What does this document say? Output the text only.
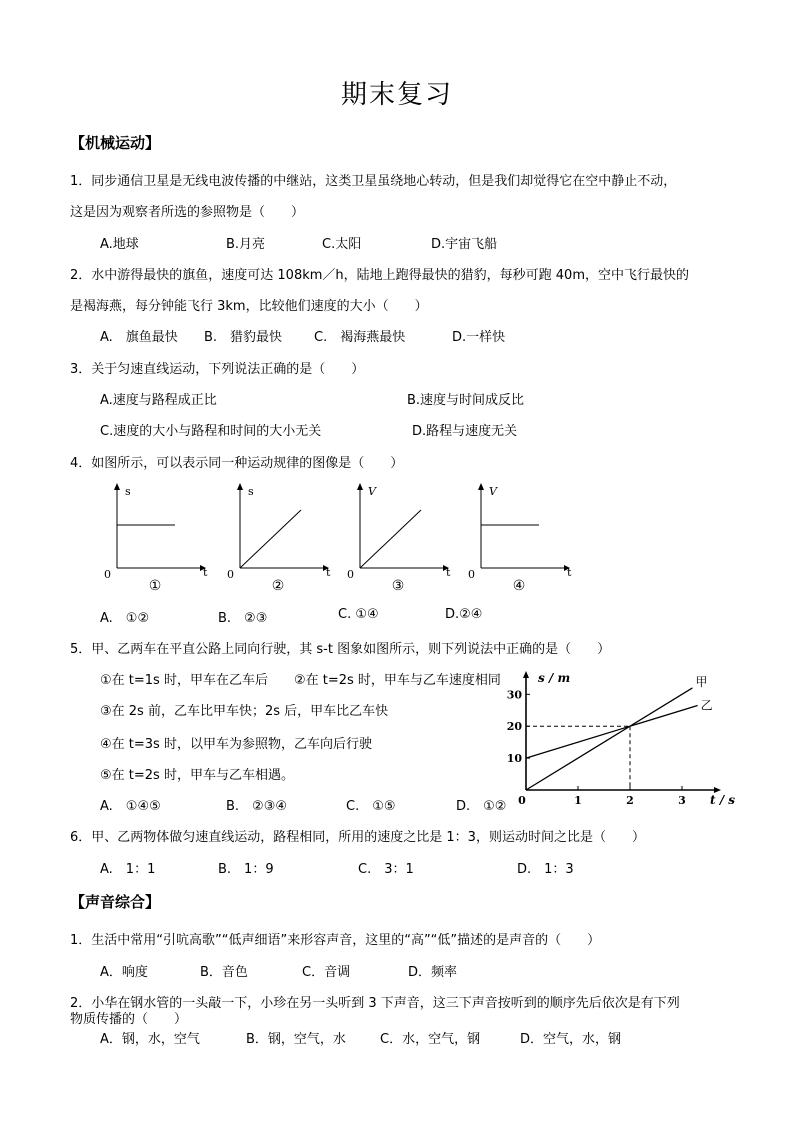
期末复习
【机械运动】
1．同步通信卫星是无线电波传播的中继站，这类卫星虽绕地心转动，但是我们却觉得它在空中静止不动，
这是因为观察者所选的参照物是（　　）
A.地球	B.月亮	C.太阳	D.宇宙飞船
2．水中游得最快的旗鱼，速度可达 108km／h，陆地上跑得最快的猎豹，每秒可跑 40m，空中飞行最快的
是褐海燕，每分钟能飞行 3km，比较他们速度的大小（　　）
A.　旗鱼最快 B.　猎豹最快 C.　褐海燕最快	D.一样快
3．关于匀速直线运动，下列说法正确的是（　　）
A.速度与路程成正比	B.速度与时间成反比
C.速度的大小与路程和时间的大小无关	D.路程与速度无关
4．如图所示，可以表示同一种运动规律的图像是（　　）
s
t
0
①
s
t
0
②
V
t
0
③
V
t
0
④
A.　①②	B.　②③	C. ①④	D.②④
5．甲、乙两车在平直公路上同向行驶，其 s-t 图象如图所示，则下列说法中正确的是（　　）
①在 t=1s 时，甲车在乙车后　　②在 t=2s 时，甲车与乙车速度相同
③在 2s 前，乙车比甲车快；2s 后，甲车比乙车快
④在 t=3s 时，以甲车为参照物，乙车向后行驶
⑤在 t=2s 时，甲车与乙车相遇。
A.　①④⑤	B.　②③④	C.　①⑤	D.　①②
s / m
t / s
0	1	2	3
10
20
30
甲
乙
6．甲、乙两物体做匀速直线运动，路程相同，所用的速度之比是 1：3，则运动时间之比是（　　）
A.　1：1	B.　1：9	C.　3：1	D.　1：3
【声音综合】
1．生活中常用“引吭高歌”“低声细语”来形容声音，这里的“高”“低”描述的是声音的（　　）
A．响度	B．音色	C．音调	D．频率
2．小华在钢水管的一头敲一下，小珍在另一头听到 3 下声音，这三下声音按听到的顺序先后依次是有下列
物质传播的（　　）
A．钢，水，空气	B．钢，空气，水	C．水，空气，钢	D．空气，水，钢
